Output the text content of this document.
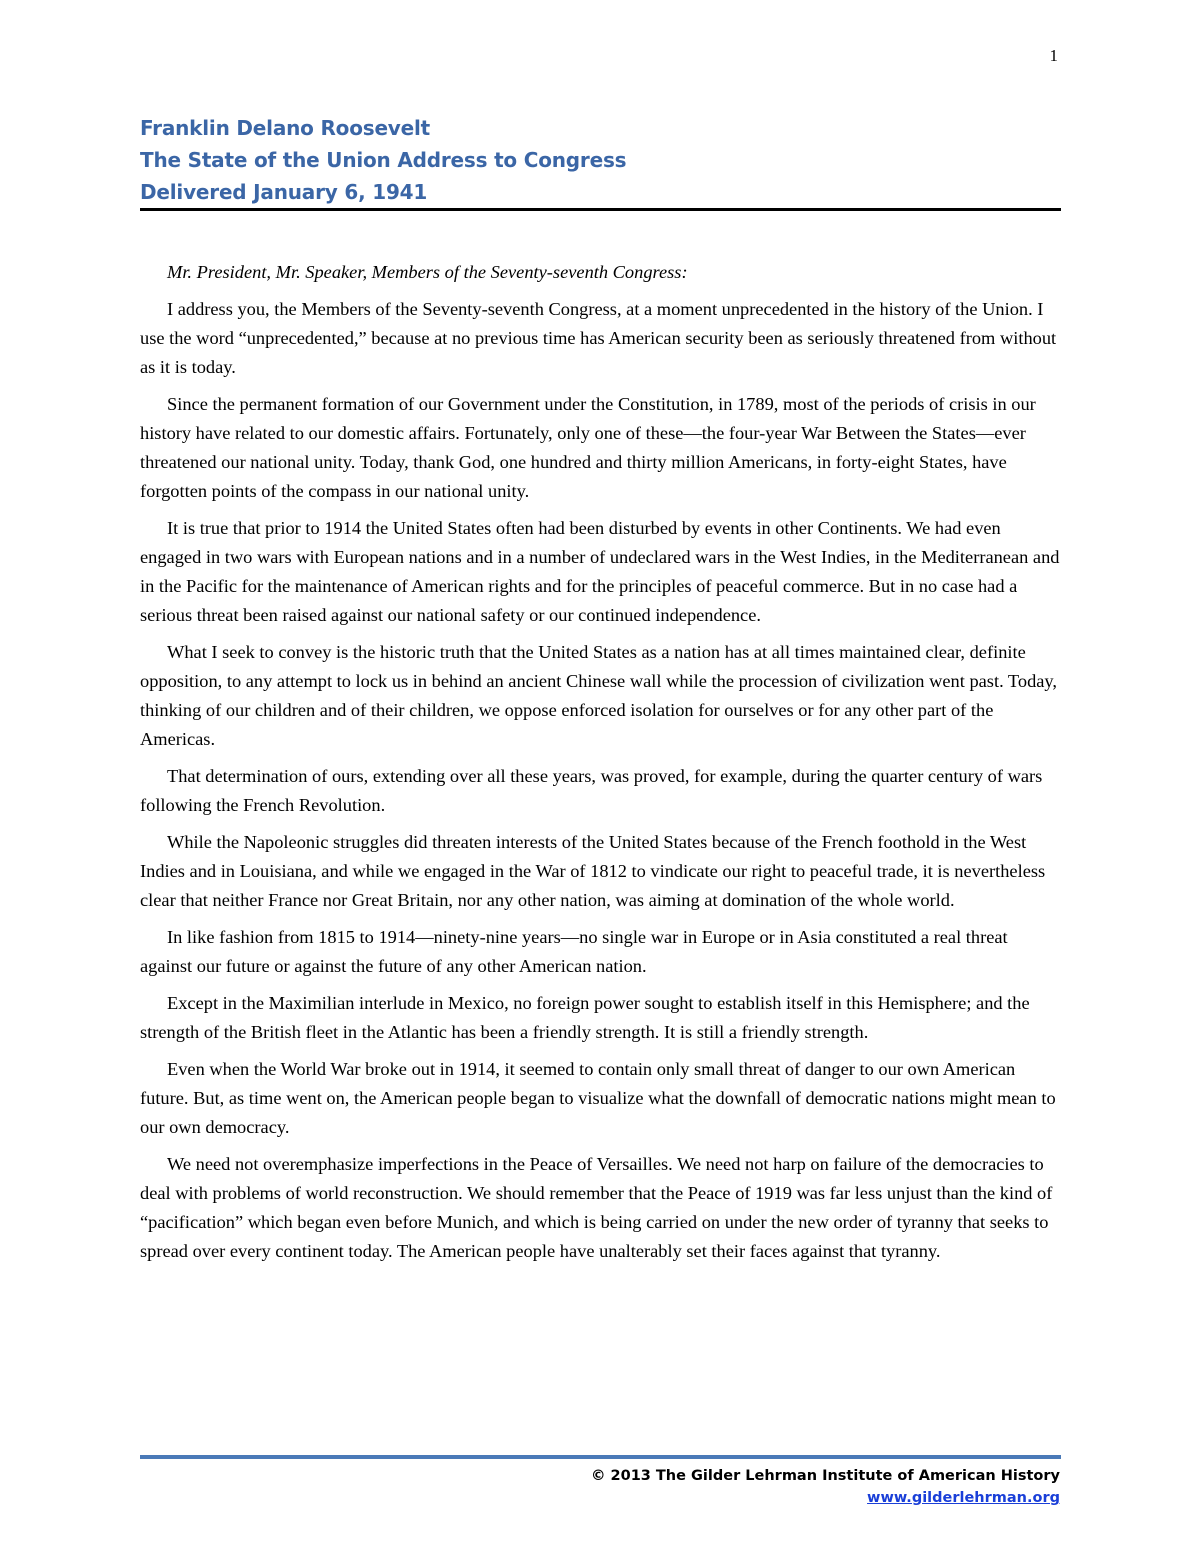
1

Franklin Delano Roosevelt

The State of the Union Address to Congress

Delivered January 6, 1941

Mr. President, Mr. Speaker, Members of the Seventy-seventh Congress:

I address you, the Members of the Seventy-seventh Congress, at a moment unprecedented in the history of the Union. I use the word “unprecedented,” because at no previous time has American security been as seriously threatened from without as it is today.

Since the permanent formation of our Government under the Constitution, in 1789, most of the periods of crisis in our history have related to our domestic affairs. Fortunately, only one of these—the four-year War Between the States—ever threatened our national unity. Today, thank God, one hundred and thirty million Americans, in forty-eight States, have forgotten points of the compass in our national unity.

It is true that prior to 1914 the United States often had been disturbed by events in other Continents. We had even engaged in two wars with European nations and in a number of undeclared wars in the West Indies, in the Mediterranean and in the Pacific for the maintenance of American rights and for the principles of peaceful commerce. But in no case had a serious threat been raised against our national safety or our continued independence.

What I seek to convey is the historic truth that the United States as a nation has at all times maintained clear, definite opposition, to any attempt to lock us in behind an ancient Chinese wall while the procession of civilization went past. Today, thinking of our children and of their children, we oppose enforced isolation for ourselves or for any other part of the Americas.

That determination of ours, extending over all these years, was proved, for example, during the quarter century of wars following the French Revolution.

While the Napoleonic struggles did threaten interests of the United States because of the French foothold in the West Indies and in Louisiana, and while we engaged in the War of 1812 to vindicate our right to peaceful trade, it is nevertheless clear that neither France nor Great Britain, nor any other nation, was aiming at domination of the whole world.

In like fashion from 1815 to 1914—ninety-nine years—no single war in Europe or in Asia constituted a real threat against our future or against the future of any other American nation.

Except in the Maximilian interlude in Mexico, no foreign power sought to establish itself in this Hemisphere; and the strength of the British fleet in the Atlantic has been a friendly strength. It is still a friendly strength.

Even when the World War broke out in 1914, it seemed to contain only small threat of danger to our own American future. But, as time went on, the American people began to visualize what the downfall of democratic nations might mean to our own democracy.

We need not overemphasize imperfections in the Peace of Versailles. We need not harp on failure of the democracies to deal with problems of world reconstruction. We should remember that the Peace of 1919 was far less unjust than the kind of “pacification” which began even before Munich, and which is being carried on under the new order of tyranny that seeks to spread over every continent today. The American people have unalterably set their faces against that tyranny.

© 2013 The Gilder Lehrman Institute of American History
www.gilderlehrman.org
